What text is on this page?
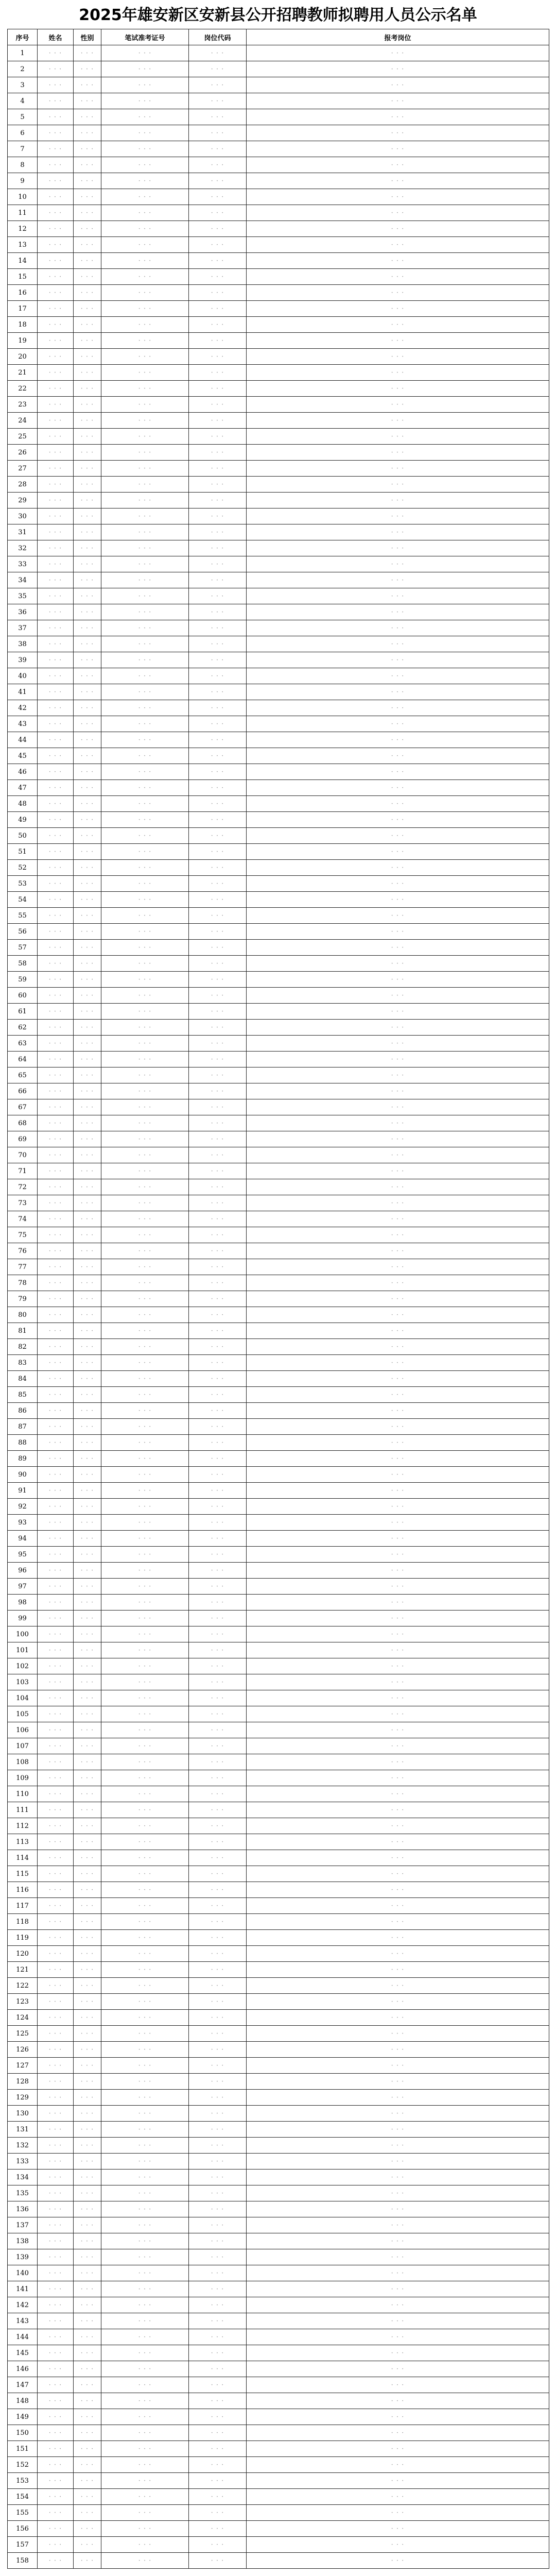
2025年雄安新区安新县公开招聘教师拟聘用人员公示名单
序号	姓名	性别	笔试准考证号	岗位代码	报考岗位
1	· · ·	· · ·	· · ·	· · ·	· · ·
2	· · ·	· · ·	· · ·	· · ·	· · ·
3	· · ·	· · ·	· · ·	· · ·	· · ·
4	· · ·	· · ·	· · ·	· · ·	· · ·
5	· · ·	· · ·	· · ·	· · ·	· · ·
6	· · ·	· · ·	· · ·	· · ·	· · ·
7	· · ·	· · ·	· · ·	· · ·	· · ·
8	· · ·	· · ·	· · ·	· · ·	· · ·
9	· · ·	· · ·	· · ·	· · ·	· · ·
10	· · ·	· · ·	· · ·	· · ·	· · ·
11	· · ·	· · ·	· · ·	· · ·	· · ·
12	· · ·	· · ·	· · ·	· · ·	· · ·
13	· · ·	· · ·	· · ·	· · ·	· · ·
14	· · ·	· · ·	· · ·	· · ·	· · ·
15	· · ·	· · ·	· · ·	· · ·	· · ·
16	· · ·	· · ·	· · ·	· · ·	· · ·
17	· · ·	· · ·	· · ·	· · ·	· · ·
18	· · ·	· · ·	· · ·	· · ·	· · ·
19	· · ·	· · ·	· · ·	· · ·	· · ·
20	· · ·	· · ·	· · ·	· · ·	· · ·
21	· · ·	· · ·	· · ·	· · ·	· · ·
22	· · ·	· · ·	· · ·	· · ·	· · ·
23	· · ·	· · ·	· · ·	· · ·	· · ·
24	· · ·	· · ·	· · ·	· · ·	· · ·
25	· · ·	· · ·	· · ·	· · ·	· · ·
26	· · ·	· · ·	· · ·	· · ·	· · ·
27	· · ·	· · ·	· · ·	· · ·	· · ·
28	· · ·	· · ·	· · ·	· · ·	· · ·
29	· · ·	· · ·	· · ·	· · ·	· · ·
30	· · ·	· · ·	· · ·	· · ·	· · ·
31	· · ·	· · ·	· · ·	· · ·	· · ·
32	· · ·	· · ·	· · ·	· · ·	· · ·
33	· · ·	· · ·	· · ·	· · ·	· · ·
34	· · ·	· · ·	· · ·	· · ·	· · ·
35	· · ·	· · ·	· · ·	· · ·	· · ·
36	· · ·	· · ·	· · ·	· · ·	· · ·
37	· · ·	· · ·	· · ·	· · ·	· · ·
38	· · ·	· · ·	· · ·	· · ·	· · ·
39	· · ·	· · ·	· · ·	· · ·	· · ·
40	· · ·	· · ·	· · ·	· · ·	· · ·
41	· · ·	· · ·	· · ·	· · ·	· · ·
42	· · ·	· · ·	· · ·	· · ·	· · ·
43	· · ·	· · ·	· · ·	· · ·	· · ·
44	· · ·	· · ·	· · ·	· · ·	· · ·
45	· · ·	· · ·	· · ·	· · ·	· · ·
46	· · ·	· · ·	· · ·	· · ·	· · ·
47	· · ·	· · ·	· · ·	· · ·	· · ·
48	· · ·	· · ·	· · ·	· · ·	· · ·
49	· · ·	· · ·	· · ·	· · ·	· · ·
50	· · ·	· · ·	· · ·	· · ·	· · ·
51	· · ·	· · ·	· · ·	· · ·	· · ·
52	· · ·	· · ·	· · ·	· · ·	· · ·
53	· · ·	· · ·	· · ·	· · ·	· · ·
54	· · ·	· · ·	· · ·	· · ·	· · ·
55	· · ·	· · ·	· · ·	· · ·	· · ·
56	· · ·	· · ·	· · ·	· · ·	· · ·
57	· · ·	· · ·	· · ·	· · ·	· · ·
58	· · ·	· · ·	· · ·	· · ·	· · ·
59	· · ·	· · ·	· · ·	· · ·	· · ·
60	· · ·	· · ·	· · ·	· · ·	· · ·
61	· · ·	· · ·	· · ·	· · ·	· · ·
62	· · ·	· · ·	· · ·	· · ·	· · ·
63	· · ·	· · ·	· · ·	· · ·	· · ·
64	· · ·	· · ·	· · ·	· · ·	· · ·
65	· · ·	· · ·	· · ·	· · ·	· · ·
66	· · ·	· · ·	· · ·	· · ·	· · ·
67	· · ·	· · ·	· · ·	· · ·	· · ·
68	· · ·	· · ·	· · ·	· · ·	· · ·
69	· · ·	· · ·	· · ·	· · ·	· · ·
70	· · ·	· · ·	· · ·	· · ·	· · ·
71	· · ·	· · ·	· · ·	· · ·	· · ·
72	· · ·	· · ·	· · ·	· · ·	· · ·
73	· · ·	· · ·	· · ·	· · ·	· · ·
74	· · ·	· · ·	· · ·	· · ·	· · ·
75	· · ·	· · ·	· · ·	· · ·	· · ·
76	· · ·	· · ·	· · ·	· · ·	· · ·
77	· · ·	· · ·	· · ·	· · ·	· · ·
78	· · ·	· · ·	· · ·	· · ·	· · ·
79	· · ·	· · ·	· · ·	· · ·	· · ·
80	· · ·	· · ·	· · ·	· · ·	· · ·
81	· · ·	· · ·	· · ·	· · ·	· · ·
82	· · ·	· · ·	· · ·	· · ·	· · ·
83	· · ·	· · ·	· · ·	· · ·	· · ·
84	· · ·	· · ·	· · ·	· · ·	· · ·
85	· · ·	· · ·	· · ·	· · ·	· · ·
86	· · ·	· · ·	· · ·	· · ·	· · ·
87	· · ·	· · ·	· · ·	· · ·	· · ·
88	· · ·	· · ·	· · ·	· · ·	· · ·
89	· · ·	· · ·	· · ·	· · ·	· · ·
90	· · ·	· · ·	· · ·	· · ·	· · ·
91	· · ·	· · ·	· · ·	· · ·	· · ·
92	· · ·	· · ·	· · ·	· · ·	· · ·
93	· · ·	· · ·	· · ·	· · ·	· · ·
94	· · ·	· · ·	· · ·	· · ·	· · ·
95	· · ·	· · ·	· · ·	· · ·	· · ·
96	· · ·	· · ·	· · ·	· · ·	· · ·
97	· · ·	· · ·	· · ·	· · ·	· · ·
98	· · ·	· · ·	· · ·	· · ·	· · ·
99	· · ·	· · ·	· · ·	· · ·	· · ·
100	· · ·	· · ·	· · ·	· · ·	· · ·
101	· · ·	· · ·	· · ·	· · ·	· · ·
102	· · ·	· · ·	· · ·	· · ·	· · ·
103	· · ·	· · ·	· · ·	· · ·	· · ·
104	· · ·	· · ·	· · ·	· · ·	· · ·
105	· · ·	· · ·	· · ·	· · ·	· · ·
106	· · ·	· · ·	· · ·	· · ·	· · ·
107	· · ·	· · ·	· · ·	· · ·	· · ·
108	· · ·	· · ·	· · ·	· · ·	· · ·
109	· · ·	· · ·	· · ·	· · ·	· · ·
110	· · ·	· · ·	· · ·	· · ·	· · ·
111	· · ·	· · ·	· · ·	· · ·	· · ·
112	· · ·	· · ·	· · ·	· · ·	· · ·
113	· · ·	· · ·	· · ·	· · ·	· · ·
114	· · ·	· · ·	· · ·	· · ·	· · ·
115	· · ·	· · ·	· · ·	· · ·	· · ·
116	· · ·	· · ·	· · ·	· · ·	· · ·
117	· · ·	· · ·	· · ·	· · ·	· · ·
118	· · ·	· · ·	· · ·	· · ·	· · ·
119	· · ·	· · ·	· · ·	· · ·	· · ·
120	· · ·	· · ·	· · ·	· · ·	· · ·
121	· · ·	· · ·	· · ·	· · ·	· · ·
122	· · ·	· · ·	· · ·	· · ·	· · ·
123	· · ·	· · ·	· · ·	· · ·	· · ·
124	· · ·	· · ·	· · ·	· · ·	· · ·
125	· · ·	· · ·	· · ·	· · ·	· · ·
126	· · ·	· · ·	· · ·	· · ·	· · ·
127	· · ·	· · ·	· · ·	· · ·	· · ·
128	· · ·	· · ·	· · ·	· · ·	· · ·
129	· · ·	· · ·	· · ·	· · ·	· · ·
130	· · ·	· · ·	· · ·	· · ·	· · ·
131	· · ·	· · ·	· · ·	· · ·	· · ·
132	· · ·	· · ·	· · ·	· · ·	· · ·
133	· · ·	· · ·	· · ·	· · ·	· · ·
134	· · ·	· · ·	· · ·	· · ·	· · ·
135	· · ·	· · ·	· · ·	· · ·	· · ·
136	· · ·	· · ·	· · ·	· · ·	· · ·
137	· · ·	· · ·	· · ·	· · ·	· · ·
138	· · ·	· · ·	· · ·	· · ·	· · ·
139	· · ·	· · ·	· · ·	· · ·	· · ·
140	· · ·	· · ·	· · ·	· · ·	· · ·
141	· · ·	· · ·	· · ·	· · ·	· · ·
142	· · ·	· · ·	· · ·	· · ·	· · ·
143	· · ·	· · ·	· · ·	· · ·	· · ·
144	· · ·	· · ·	· · ·	· · ·	· · ·
145	· · ·	· · ·	· · ·	· · ·	· · ·
146	· · ·	· · ·	· · ·	· · ·	· · ·
147	· · ·	· · ·	· · ·	· · ·	· · ·
148	· · ·	· · ·	· · ·	· · ·	· · ·
149	· · ·	· · ·	· · ·	· · ·	· · ·
150	· · ·	· · ·	· · ·	· · ·	· · ·
151	· · ·	· · ·	· · ·	· · ·	· · ·
152	· · ·	· · ·	· · ·	· · ·	· · ·
153	· · ·	· · ·	· · ·	· · ·	· · ·
154	· · ·	· · ·	· · ·	· · ·	· · ·
155	· · ·	· · ·	· · ·	· · ·	· · ·
156	· · ·	· · ·	· · ·	· · ·	· · ·
157	· · ·	· · ·	· · ·	· · ·	· · ·
158	· · ·	· · ·	· · ·	· · ·	· · ·
